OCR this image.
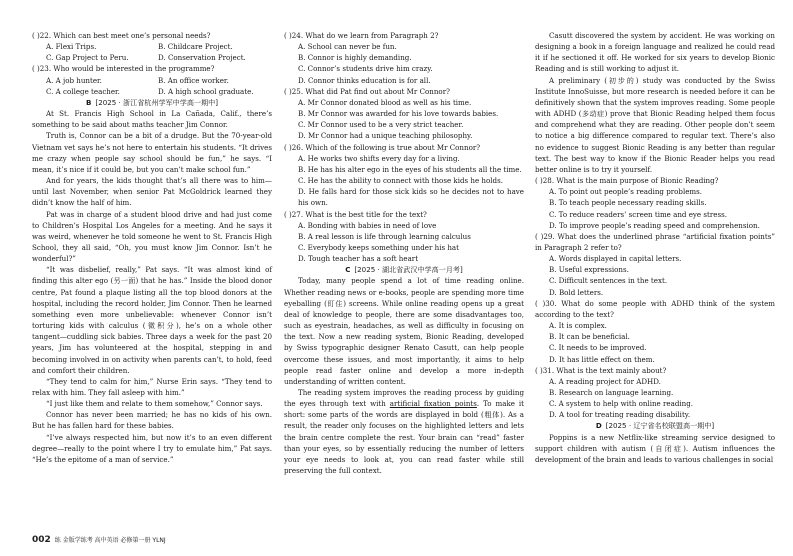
( )22. Which can best meet one’s personal needs?

A. Flexi Trips.	B. Childcare Project.
C. Gap Project to Peru.	D. Conservation Project.

( )23. Who would be interested in the programme?

A. A job hunter.	B. An office worker.
C. A college teacher.	D. A high school graduate.

B [2025 · 浙江省杭州学军中学高一期中]

At St. Francis High School in La Cañada, Calif., there’s something to be said about maths teacher Jim Connor.

Truth is, Connor can be a bit of a drudge. But the 70-year-old Vietnam vet says he’s not here to entertain his students. “It drives me crazy when people say school should be fun,” he says. “I mean, it’s nice if it could be, but you can’t make school fun.”

And for years, the kids thought that’s all there was to him—until last November, when senior Pat McGoldrick learned they didn’t know the half of him.

Pat was in charge of a student blood drive and had just come to Children’s Hospital Los Angeles for a meeting. And he says it was weird, whenever he told someone he went to St. Francis High School, they all said, “Oh, you must know Jim Connor. Isn’t he wonderful?”

“It was disbelief, really,” Pat says. “It was almost kind of finding this alter ego (另一面) that he has.” Inside the blood donor centre, Pat found a plaque listing all the top blood donors at the hospital, including the record holder, Jim Connor. Then he learned something even more unbelievable: whenever Connor isn’t torturing kids with calculus (微积分), he’s on a whole other tangent—cuddling sick babies. Three days a week for the past 20 years, Jim has volunteered at the hospital, stepping in and becoming involved in on activity when parents can’t, to hold, feed and comfort their children.

“They tend to calm for him,” Nurse Erin says. “They tend to relax with him. They fall asleep with him.”

“I just like them and relate to them somehow,” Connor says.

Connor has never been married; he has no kids of his own. But he has fallen hard for these babies.

“I’ve always respected him, but now it’s to an even different degree—really to the point where I try to emulate him,” Pat says. “He’s the epitome of a man of service.”

( )24. What do we learn from Paragraph 2?

A. School can never be fun.

B. Connor is highly demanding.

C. Connor’s students drive him crazy.

D. Connor thinks education is for all.

( )25. What did Pat find out about Mr Connor?

A. Mr Connor donated blood as well as his time.

B. Mr Connor was awarded for his love towards babies.

C. Mr Connor used to be a very strict teacher.

D. Mr Connor had a unique teaching philosophy.

( )26. Which of the following is true about Mr Connor?

A. He works two shifts every day for a living.

B. He has his alter ego in the eyes of his students all the time.

C. He has the ability to connect with those kids he holds.

D. He falls hard for those sick kids so he decides not to have his own.

( )27. What is the best title for the text?

A. Bonding with babies in need of love

B. A real lesson is life through learning calculus

C. Everybody keeps something under his hat

D. Tough teacher has a soft heart

C [2025 · 湖北省武汉中学高一月考]

Today, many people spend a lot of time reading online. Whether reading news or e-books, people are spending more time eyeballing (盯住) screens. While online reading opens up a great deal of knowledge to people, there are some disadvantages too, such as eyestrain, headaches, as well as difficulty in focusing on the text. Now a new reading system, Bionic Reading, developed by Swiss typographic designer Renato Casutt, can help people overcome these issues, and most importantly, it aims to help people read faster online and develop a more in-depth understanding of written content.

The reading system improves the reading process by guiding the eyes through text with artificial fixation points. To make it short: some parts of the words are displayed in bold (粗体). As a result, the reader only focuses on the highlighted letters and lets the brain centre complete the rest. Your brain can “read” faster than your eyes, so by essentially reducing the number of letters your eye needs to look at, you can read faster while still preserving the full context.

Casutt discovered the system by accident. He was working on designing a book in a foreign language and realized he could read it if he sectioned it off. He worked for six years to develop Bionic Reading and is still working to adjust it.

A preliminary (初步的) study was conducted by the Swiss Institute InnoSuisse, but more research is needed before it can be definitively shown that the system improves reading. Some people with ADHD (多动症) prove that Bionic Reading helped them focus and comprehend what they are reading. Other people don’t seem to notice a big difference compared to regular text. There’s also no evidence to suggest Bionic Reading is any better than regular text. The best way to know if the Bionic Reader helps you read better online is to try it yourself.

( )28. What is the main purpose of Bionic Reading?

A. To point out people’s reading problems.

B. To teach people necessary reading skills.

C. To reduce readers’ screen time and eye stress.

D. To improve people’s reading speed and comprehension.

( )29. What does the underlined phrase “artificial fixation points” in Paragraph 2 refer to?

A. Words displayed in capital letters.

B. Useful expressions.

C. Difficult sentences in the text.

D. Bold letters.

( )30. What do some people with ADHD think of the system according to the text?

A. It is complex.

B. It can be beneficial.

C. It needs to be improved.

D. It has little effect on them.

( )31. What is the text mainly about?

A. A reading project for ADHD.

B. Research on language learning.

C. A system to help with online reading.

D. A tool for treating reading disability.

D [2025 · 辽宁省名校联盟高一期中]

Poppins is a new Netflix-like streaming service designed to support children with autism (自闭症). Autism influences the development of the brain and leads to various challenges in social

002 练 金版学练考 高中英语 必修第一册 YLNJ
